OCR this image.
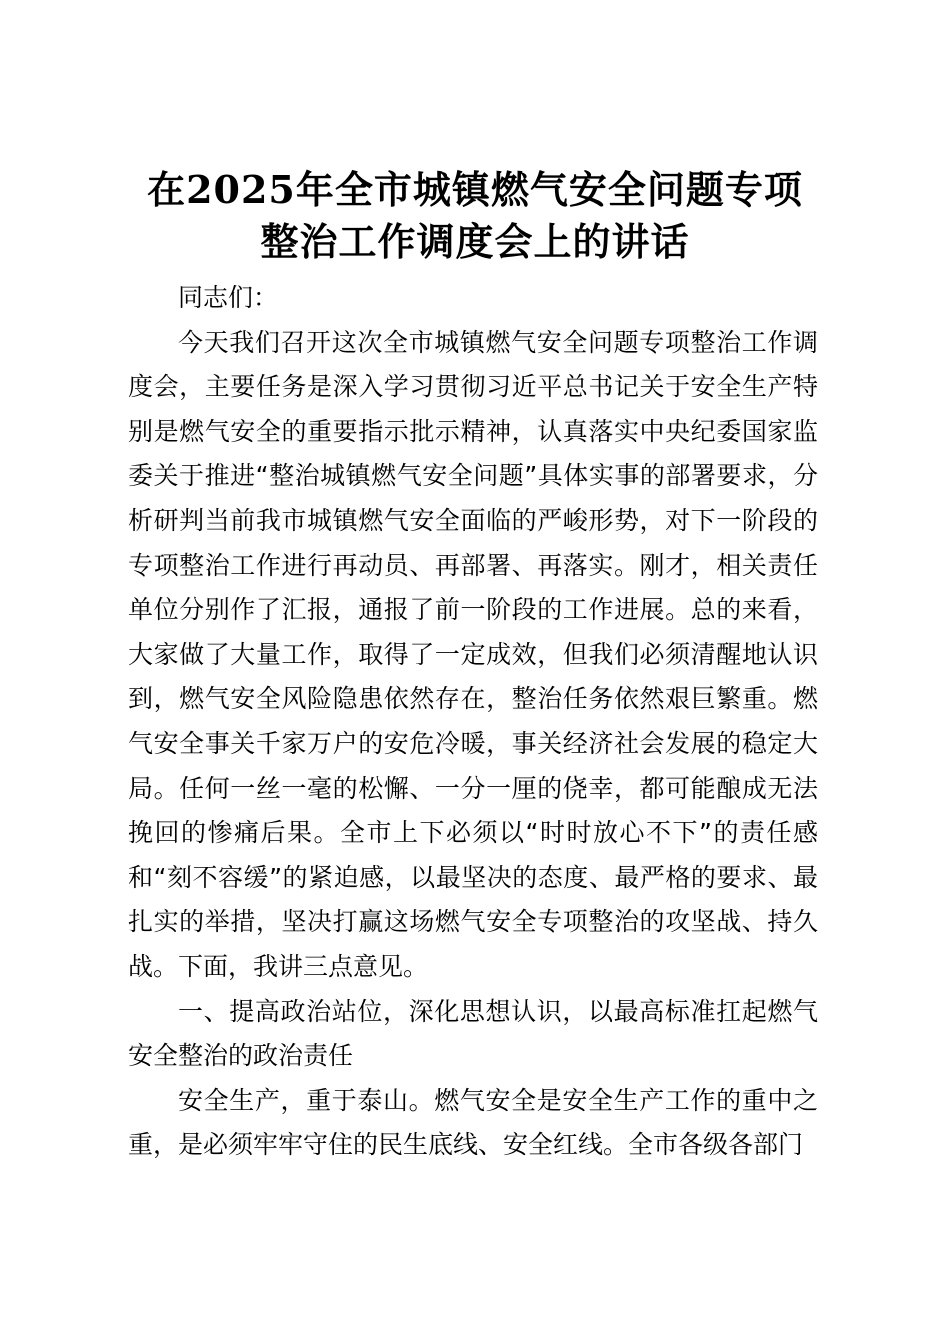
在2025年全市城镇燃气安全问题专项
整治工作调度会上的讲话

同志们：

今天我们召开这次全市城镇燃气安全问题专项整治工作调度会，主要任务是深入学习贯彻习近平总书记关于安全生产特别是燃气安全的重要指示批示精神，认真落实中央纪委国家监委关于推进“整治城镇燃气安全问题”具体实事的部署要求，分析研判当前我市城镇燃气安全面临的严峻形势，对下一阶段的专项整治工作进行再动员、再部署、再落实。刚才，相关责任单位分别作了汇报，通报了前一阶段的工作进展。总的来看，大家做了大量工作，取得了一定成效，但我们必须清醒地认识到，燃气安全风险隐患依然存在，整治任务依然艰巨繁重。燃气安全事关千家万户的安危冷暖，事关经济社会发展的稳定大局。任何一丝一毫的松懈、一分一厘的侥幸，都可能酿成无法挽回的惨痛后果。全市上下必须以“时时放心不下”的责任感和“刻不容缓”的紧迫感，以最坚决的态度、最严格的要求、最扎实的举措，坚决打赢这场燃气安全专项整治的攻坚战、持久战。下面，我讲三点意见。

一、提高政治站位，深化思想认识，以最高标准扛起燃气安全整治的政治责任

安全生产，重于泰山。燃气安全是安全生产工作的重中之重，是必须牢牢守住的民生底线、安全红线。全市各级各部门
